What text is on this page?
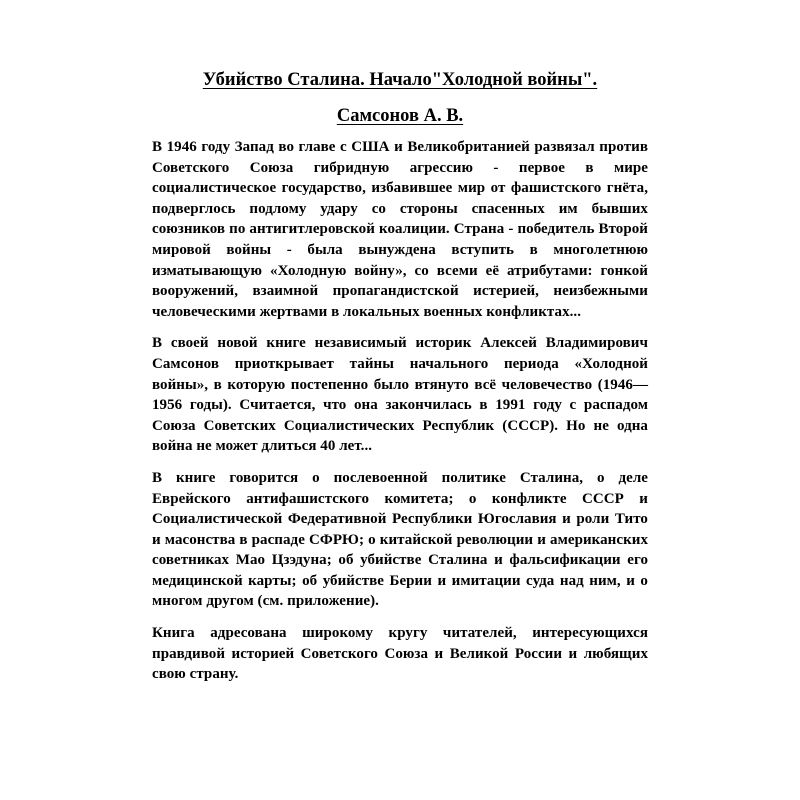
Убийство Сталина. Начало"Холодной войны".
Самсонов А. В.

В 1946 году Запад во главе с США и Великобританией развязал против Советского Союза гибридную агрессию - первое в мире социалистическое государство, избавившее мир от фашистского гнёта, подверглось подлому удару со стороны спасенных им бывших союзников по антигитлеровской коалиции. Страна - победитель Второй мировой войны - была вынуждена вступить в многолетнюю изматывающую «Холодную войну», со всеми её атрибутами: гонкой вооружений, взаимной пропагандистской истерией, неизбежными человеческими жертвами в локальных военных конфликтах...

В своей новой книге независимый историк Алексей Владимирович Самсонов приоткрывает тайны начального периода «Холодной войны», в которую постепенно было втянуто всё человечество (1946—1956 годы). Считается, что она закончилась в 1991 году с распадом Союза Советских Социалистических Республик (СССР). Но не одна война не может длиться 40 лет...

В книге говорится о послевоенной политике Сталина, о деле Еврейского антифашистского комитета; о конфликте СССР и Социалистической Федеративной Республики Югославия и роли Тито и масонства в распаде СФРЮ; о китайской революции и американских советниках Мао Цзэдуна; об убийстве Сталина и фальсификации его медицинской карты; об убийстве Берии и имитации суда над ним, и о многом другом (см. приложение).

Книга адресована широкому кругу читателей, интересующихся правдивой историей Советского Союза и Великой России и любящих свою страну.
